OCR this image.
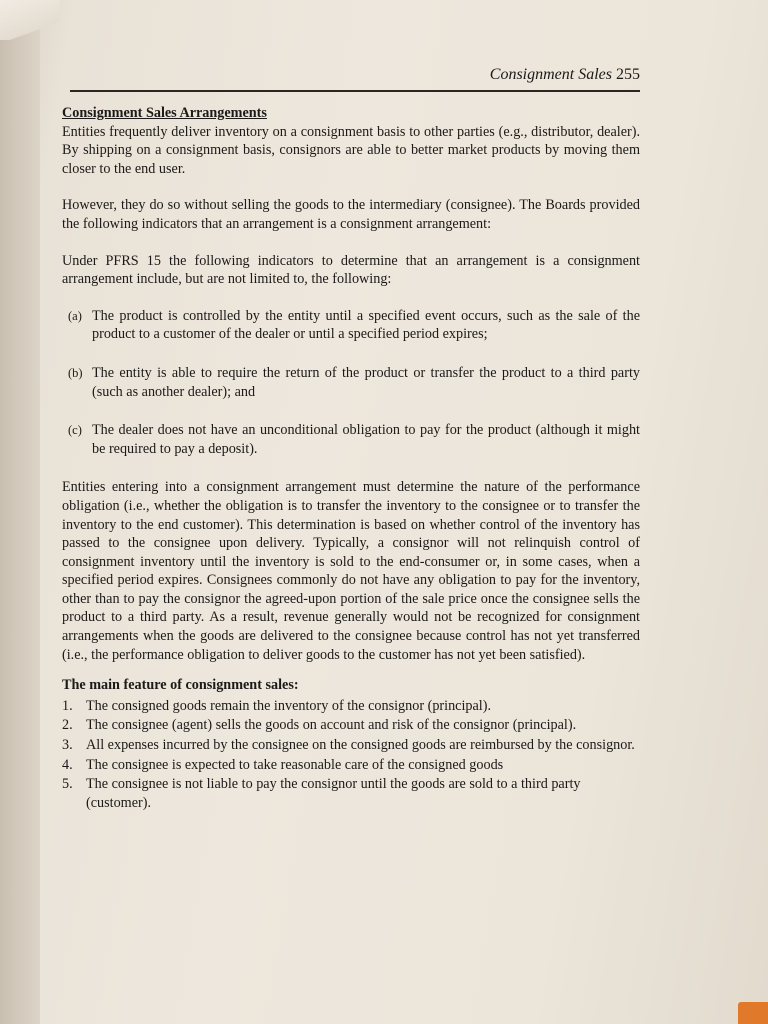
Consignment Sales 255
Consignment Sales Arrangements

Entities frequently deliver inventory on a consignment basis to other parties (e.g., distributor, dealer). By shipping on a consignment basis, consignors are able to better market products by moving them closer to the end user.

However, they do so without selling the goods to the intermediary (consignee). The Boards provided the following indicators that an arrangement is a consignment arrangement:

Under PFRS 15 the following indicators to determine that an arrangement is a consignment arrangement include, but are not limited to, the following:

(a) The product is controlled by the entity until a specified event occurs, such as the sale of the product to a customer of the dealer or until a specified period expires;
(b) The entity is able to require the return of the product or transfer the product to a third party (such as another dealer); and
(c) The dealer does not have an unconditional obligation to pay for the product (although it might be required to pay a deposit).

Entities entering into a consignment arrangement must determine the nature of the performance obligation (i.e., whether the obligation is to transfer the inventory to the consignee or to transfer the inventory to the end customer). This determination is based on whether control of the inventory has passed to the consignee upon delivery. Typically, a consignor will not relinquish control of consignment inventory until the inventory is sold to the end-consumer or, in some cases, when a specified period expires. Consignees commonly do not have any obligation to pay for the inventory, other than to pay the consignor the agreed-upon portion of the sale price once the consignee sells the product to a third party. As a result, revenue generally would not be recognized for consignment arrangements when the goods are delivered to the consignee because control has not yet transferred (i.e., the performance obligation to deliver goods to the customer has not yet been satisfied).

The main feature of consignment sales:
1. The consigned goods remain the inventory of the consignor (principal).
2. The consignee (agent) sells the goods on account and risk of the consignor (principal).
3. All expenses incurred by the consignee on the consigned goods are reimbursed by the consignor.
4. The consignee is expected to take reasonable care of the consigned goods
5. The consignee is not liable to pay the consignor until the goods are sold to a third party (customer).
